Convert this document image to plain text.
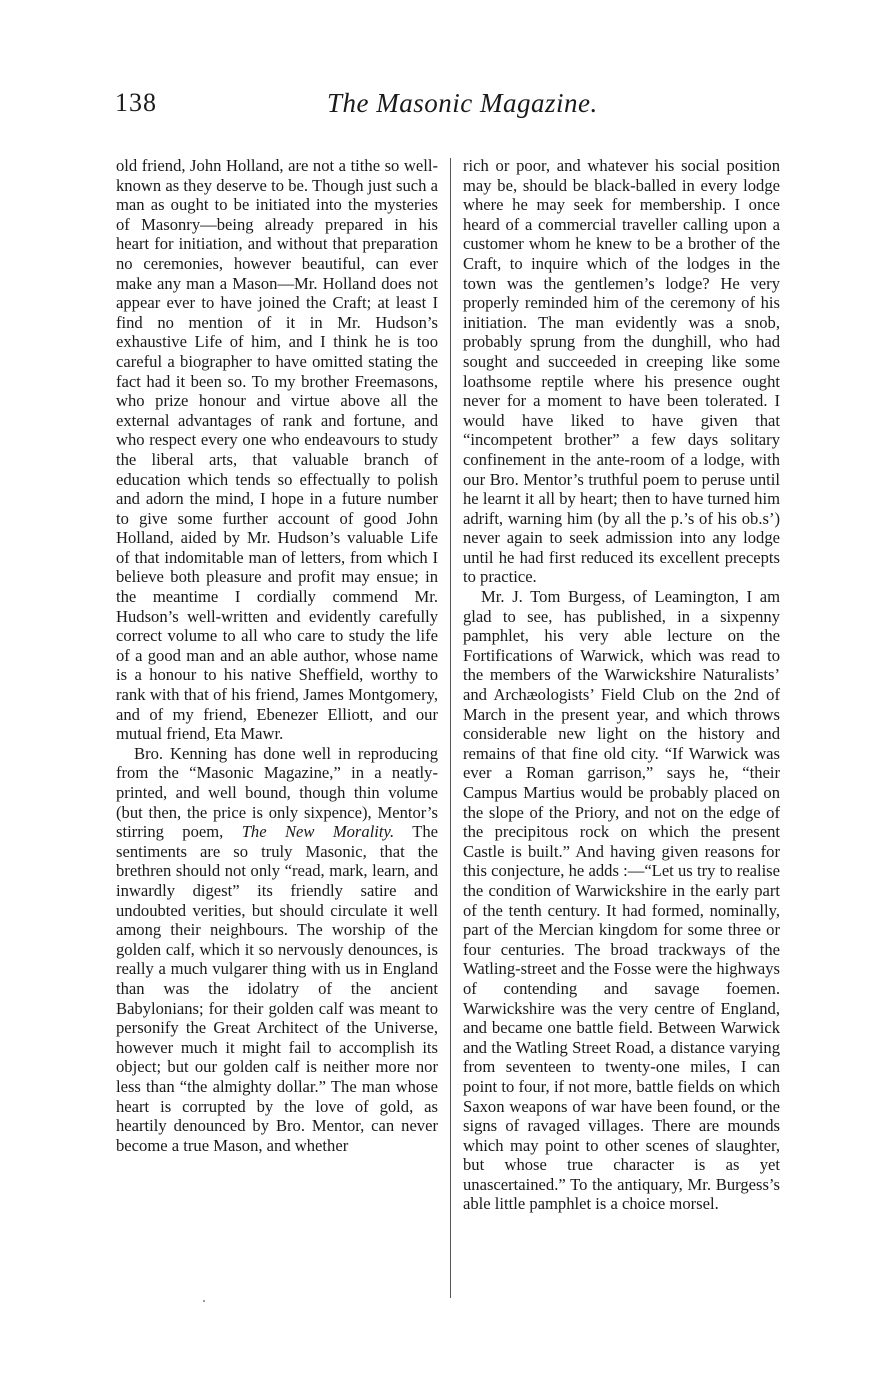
138	The Masonic Magazine.

old friend, John Holland, are not a tithe so well-known as they deserve to be. Though just such a man as ought to be initiated into the mysteries of Masonry—being already prepared in his heart for initiation, and without that preparation no ceremonies, however beautiful, can ever make any man a Mason—Mr. Holland does not appear ever to have joined the Craft; at least I find no mention of it in Mr. Hudson’s exhaustive Life of him, and I think he is too careful a biographer to have omitted stating the fact had it been so. To my brother Freemasons, who prize honour and virtue above all the external advantages of rank and fortune, and who respect every one who endeavours to study the liberal arts, that valuable branch of education which tends so effectually to polish and adorn the mind, I hope in a future number to give some further account of good John Holland, aided by Mr. Hudson’s valuable Life of that indomitable man of letters, from which I believe both pleasure and profit may ensue; in the meantime I cordially commend Mr. Hudson’s well-written and evidently carefully correct volume to all who care to study the life of a good man and an able author, whose name is a honour to his native Sheffield, worthy to rank with that of his friend, James Montgomery, and of my friend, Ebenezer Elliott, and our mutual friend, Eta Mawr.

Bro. Kenning has done well in reproducing from the “Masonic Magazine,” in a neatly-printed, and well bound, though thin volume (but then, the price is only sixpence), Mentor’s stirring poem, The New Morality. The sentiments are so truly Masonic, that the brethren should not only “read, mark, learn, and inwardly digest” its friendly satire and undoubted verities, but should circulate it well among their neighbours. The worship of the golden calf, which it so nervously denounces, is really a much vulgarer thing with us in England than was the idolatry of the ancient Babylonians; for their golden calf was meant to personify the Great Architect of the Universe, however much it might fail to accomplish its object; but our golden calf is neither more nor less than “the almighty dollar.” The man whose heart is corrupted by the love of gold, as heartily denounced by Bro. Mentor, can never become a true Mason, and whether

rich or poor, and whatever his social position may be, should be black-balled in every lodge where he may seek for membership. I once heard of a commercial traveller calling upon a customer whom he knew to be a brother of the Craft, to inquire which of the lodges in the town was the gentlemen’s lodge? He very properly reminded him of the ceremony of his initiation. The man evidently was a snob, probably sprung from the dunghill, who had sought and succeeded in creeping like some loathsome reptile where his presence ought never for a moment to have been tolerated. I would have liked to have given that “incompetent brother” a few days solitary confinement in the ante-room of a lodge, with our Bro. Mentor’s truthful poem to peruse until he learnt it all by heart; then to have turned him adrift, warning him (by all the p.’s of his ob.s’) never again to seek admission into any lodge until he had first reduced its excellent precepts to practice.

Mr. J. Tom Burgess, of Leamington, I am glad to see, has published, in a sixpenny pamphlet, his very able lecture on the Fortifications of Warwick, which was read to the members of the Warwickshire Naturalists’ and Archæologists’ Field Club on the 2nd of March in the present year, and which throws considerable new light on the history and remains of that fine old city. “If Warwick was ever a Roman garrison,” says he, “their Campus Martius would be probably placed on the slope of the Priory, and not on the edge of the precipitous rock on which the present Castle is built.” And having given reasons for this conjecture, he adds :—“Let us try to realise the condition of Warwickshire in the early part of the tenth century. It had formed, nominally, part of the Mercian kingdom for some three or four centuries. The broad trackways of the Watling-street and the Fosse were the highways of contending and savage foemen. Warwickshire was the very centre of England, and became one battle field. Between Warwick and the Watling Street Road, a distance varying from seventeen to twenty-one miles, I can point to four, if not more, battle fields on which Saxon weapons of war have been found, or the signs of ravaged villages. There are mounds which may point to other scenes of slaughter, but whose true character is as yet unascertained.” To the antiquary, Mr. Burgess’s able little pamphlet is a choice morsel.
